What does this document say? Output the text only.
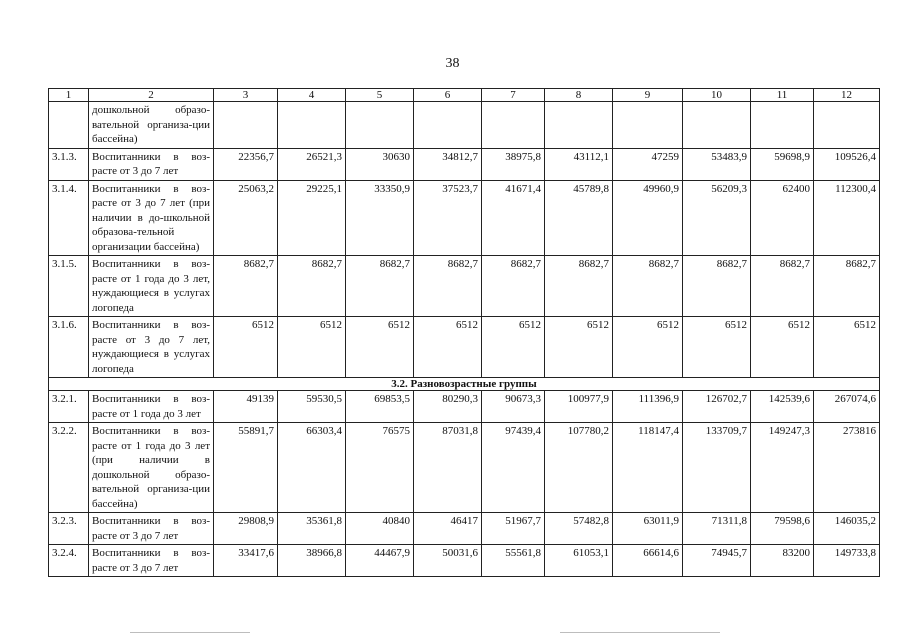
38
1	2	3	4	5	6	7	8	9	10	11	12
	дошкольной образо-вательной организа-ции бассейна)										
3.1.3.	Воспитанники в воз-расте от 3 до 7 лет	22356,7	26521,3	30630	34812,7	38975,8	43112,1	47259	53483,9	59698,9	109526,4
3.1.4.	Воспитанники в воз-расте от 3 до 7 лет (при наличии в до-школьной образова-тельной организации бассейна)	25063,2	29225,1	33350,9	37523,7	41671,4	45789,8	49960,9	56209,3	62400	112300,4
3.1.5.	Воспитанники в воз-расте от 1 года до 3 лет, нуждающиеся в услугах логопеда	8682,7	8682,7	8682,7	8682,7	8682,7	8682,7	8682,7	8682,7	8682,7	8682,7
3.1.6.	Воспитанники в воз-расте от 3 до 7 лет, нуждающиеся в услугах логопеда	6512	6512	6512	6512	6512	6512	6512	6512	6512	6512
3.2. Разновозрастные группы											
3.2.1.	Воспитанники в воз-расте от 1 года до 3 лет	49139	59530,5	69853,5	80290,3	90673,3	100977,9	111396,9	126702,7	142539,6	267074,6
3.2.2.	Воспитанники в воз-расте от 1 года до 3 лет (при наличии в дошкольной образо-вательной организа-ции бассейна)	55891,7	66303,4	76575	87031,8	97439,4	107780,2	118147,4	133709,7	149247,3	273816
3.2.3.	Воспитанники в воз-расте от 3 до 7 лет	29808,9	35361,8	40840	46417	51967,7	57482,8	63011,9	71311,8	79598,6	146035,2
3.2.4.	Воспитанники в воз-расте от 3 до 7 лет	33417,6	38966,8	44467,9	50031,6	55561,8	61053,1	66614,6	74945,7	83200	149733,8
